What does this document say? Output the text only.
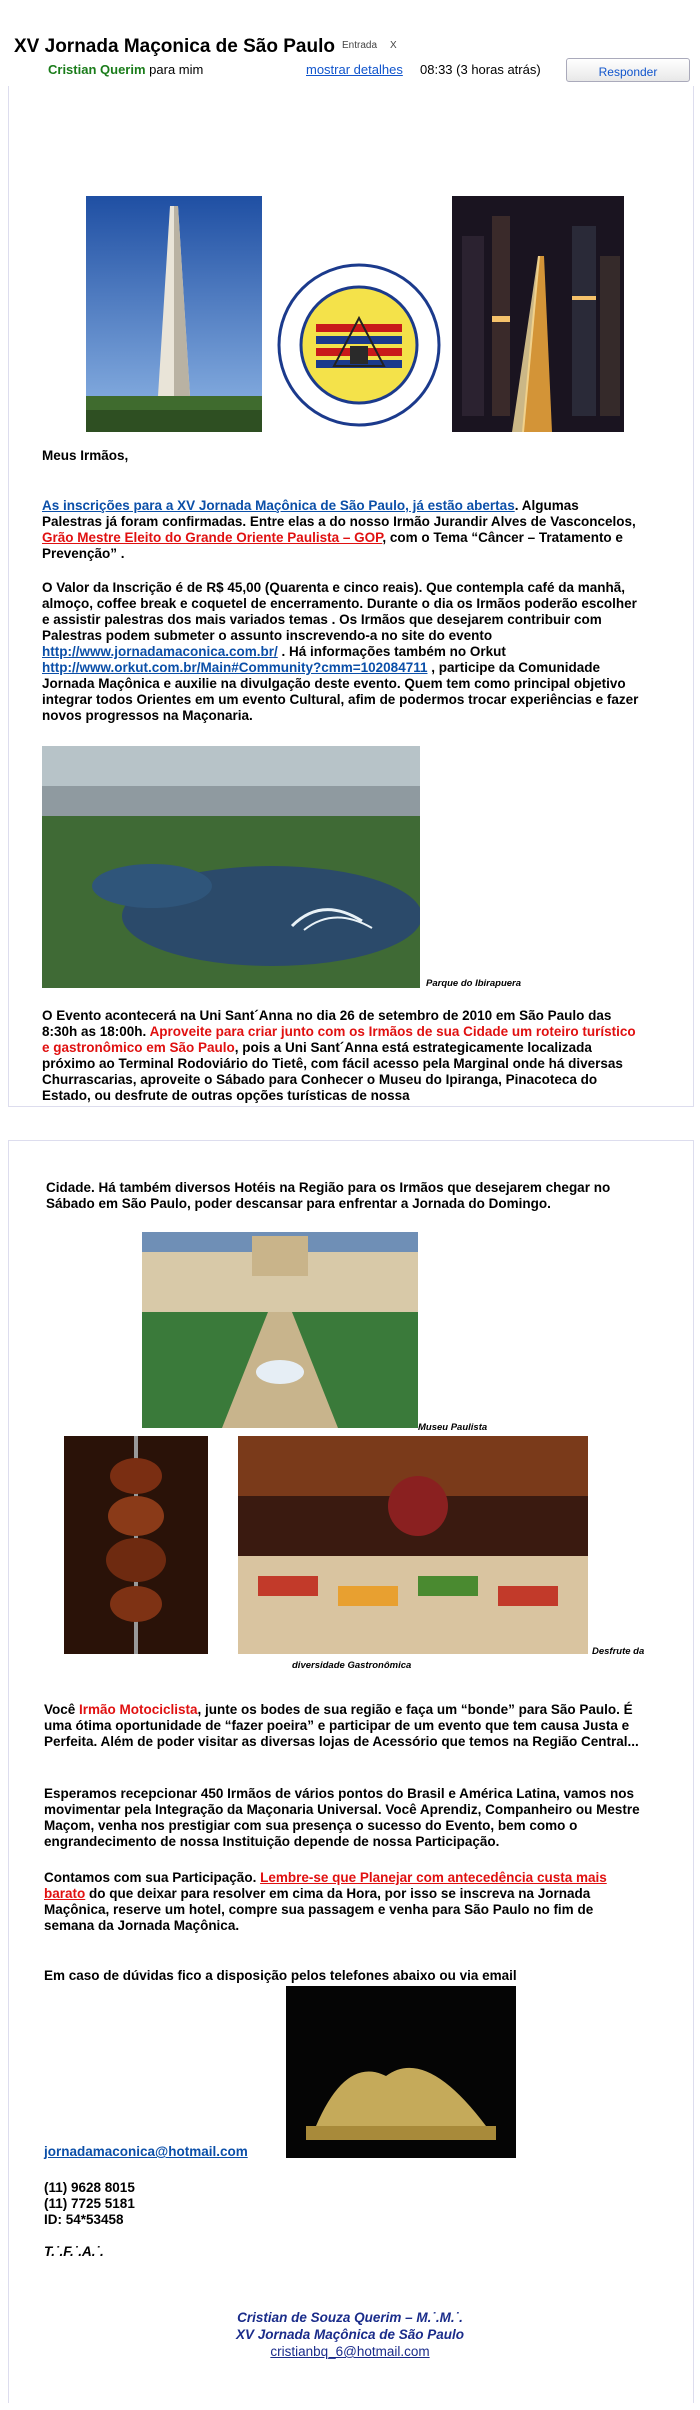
XV Jornada Maçonica de São Paulo Entrada X
Cristian Querim para mim	mostrar detalhes 08:33 (3 horas atrás)	Responder
Meus Irmãos,
As inscrições para a XV Jornada Maçônica de São Paulo, já estão abertas. Algumas Palestras já foram confirmadas. Entre elas a do nosso Irmão Jurandir Alves de Vasconcelos, Grão Mestre Eleito do Grande Oriente Paulista – GOP, com o Tema “Câncer – Tratamento e Prevenção” .
O Valor da Inscrição é de R$ 45,00 (Quarenta e cinco reais). Que contempla café da manhã, almoço, coffee break e coquetel de encerramento. Durante o dia os Irmãos poderão escolher e assistir palestras dos mais variados temas . Os Irmãos que desejarem contribuir com Palestras podem submeter o assunto inscrevendo-a no site do evento http://www.jornadamaconica.com.br/ . Há informações também no Orkut http://www.orkut.com.br/Main#Community?cmm=102084711 , participe da Comunidade Jornada Maçônica e auxilie na divulgação deste evento. Quem tem como principal objetivo integrar todos Orientes em um evento Cultural, afim de podermos trocar experiências e fazer novos progressos na Maçonaria.
Parque do Ibirapuera
O Evento acontecerá na Uni Sant´Anna no dia 26 de setembro de 2010 em São Paulo das 8:30h as 18:00h. Aproveite para criar junto com os Irmãos de sua Cidade um roteiro turístico e gastronômico em São Paulo, pois a Uni Sant´Anna está estrategicamente localizada próximo ao Terminal Rodoviário do Tietê, com fácil acesso pela Marginal onde há diversas Churrascarias, aproveite o Sábado para Conhecer o Museu do Ipiranga, Pinacoteca do Estado, ou desfrute de outras opções turísticas de nossa
Cidade. Há também diversos Hotéis na Região para os Irmãos que desejarem chegar no Sábado em São Paulo, poder descansar para enfrentar a Jornada do Domingo.
Museu Paulista
Desfrute da
diversidade Gastronômica
Você Irmão Motociclista, junte os bodes de sua região e faça um “bonde” para São Paulo. É uma ótima oportunidade de “fazer poeira” e participar de um evento que tem causa Justa e Perfeita. Além de poder visitar as diversas lojas de Acessório que temos na Região Central...
Esperamos recepcionar 450 Irmãos de vários pontos do Brasil e América Latina, vamos nos movimentar pela Integração da Maçonaria Universal. Você Aprendiz, Companheiro ou Mestre Maçom, venha nos prestigiar com sua presença o sucesso do Evento, bem como o engrandecimento de nossa Instituição depende de nossa Participação.
Contamos com sua Participação. Lembre-se que Planejar com antecedência custa mais barato do que deixar para resolver em cima da Hora, por isso se inscreva na Jornada Maçônica, reserve um hotel, compre sua passagem e venha para São Paulo no fim de semana da Jornada Maçônica.
Em caso de dúvidas fico a disposição pelos telefones abaixo ou via email
jornadamaconica@hotmail.com
(11) 9628 8015
(11) 7725 5181
ID: 54*53458
T.˙.F.˙.A.˙.
Cristian de Souza Querim – M.˙.M.˙.
XV Jornada Maçônica de São Paulo
cristianbq_6@hotmail.com
